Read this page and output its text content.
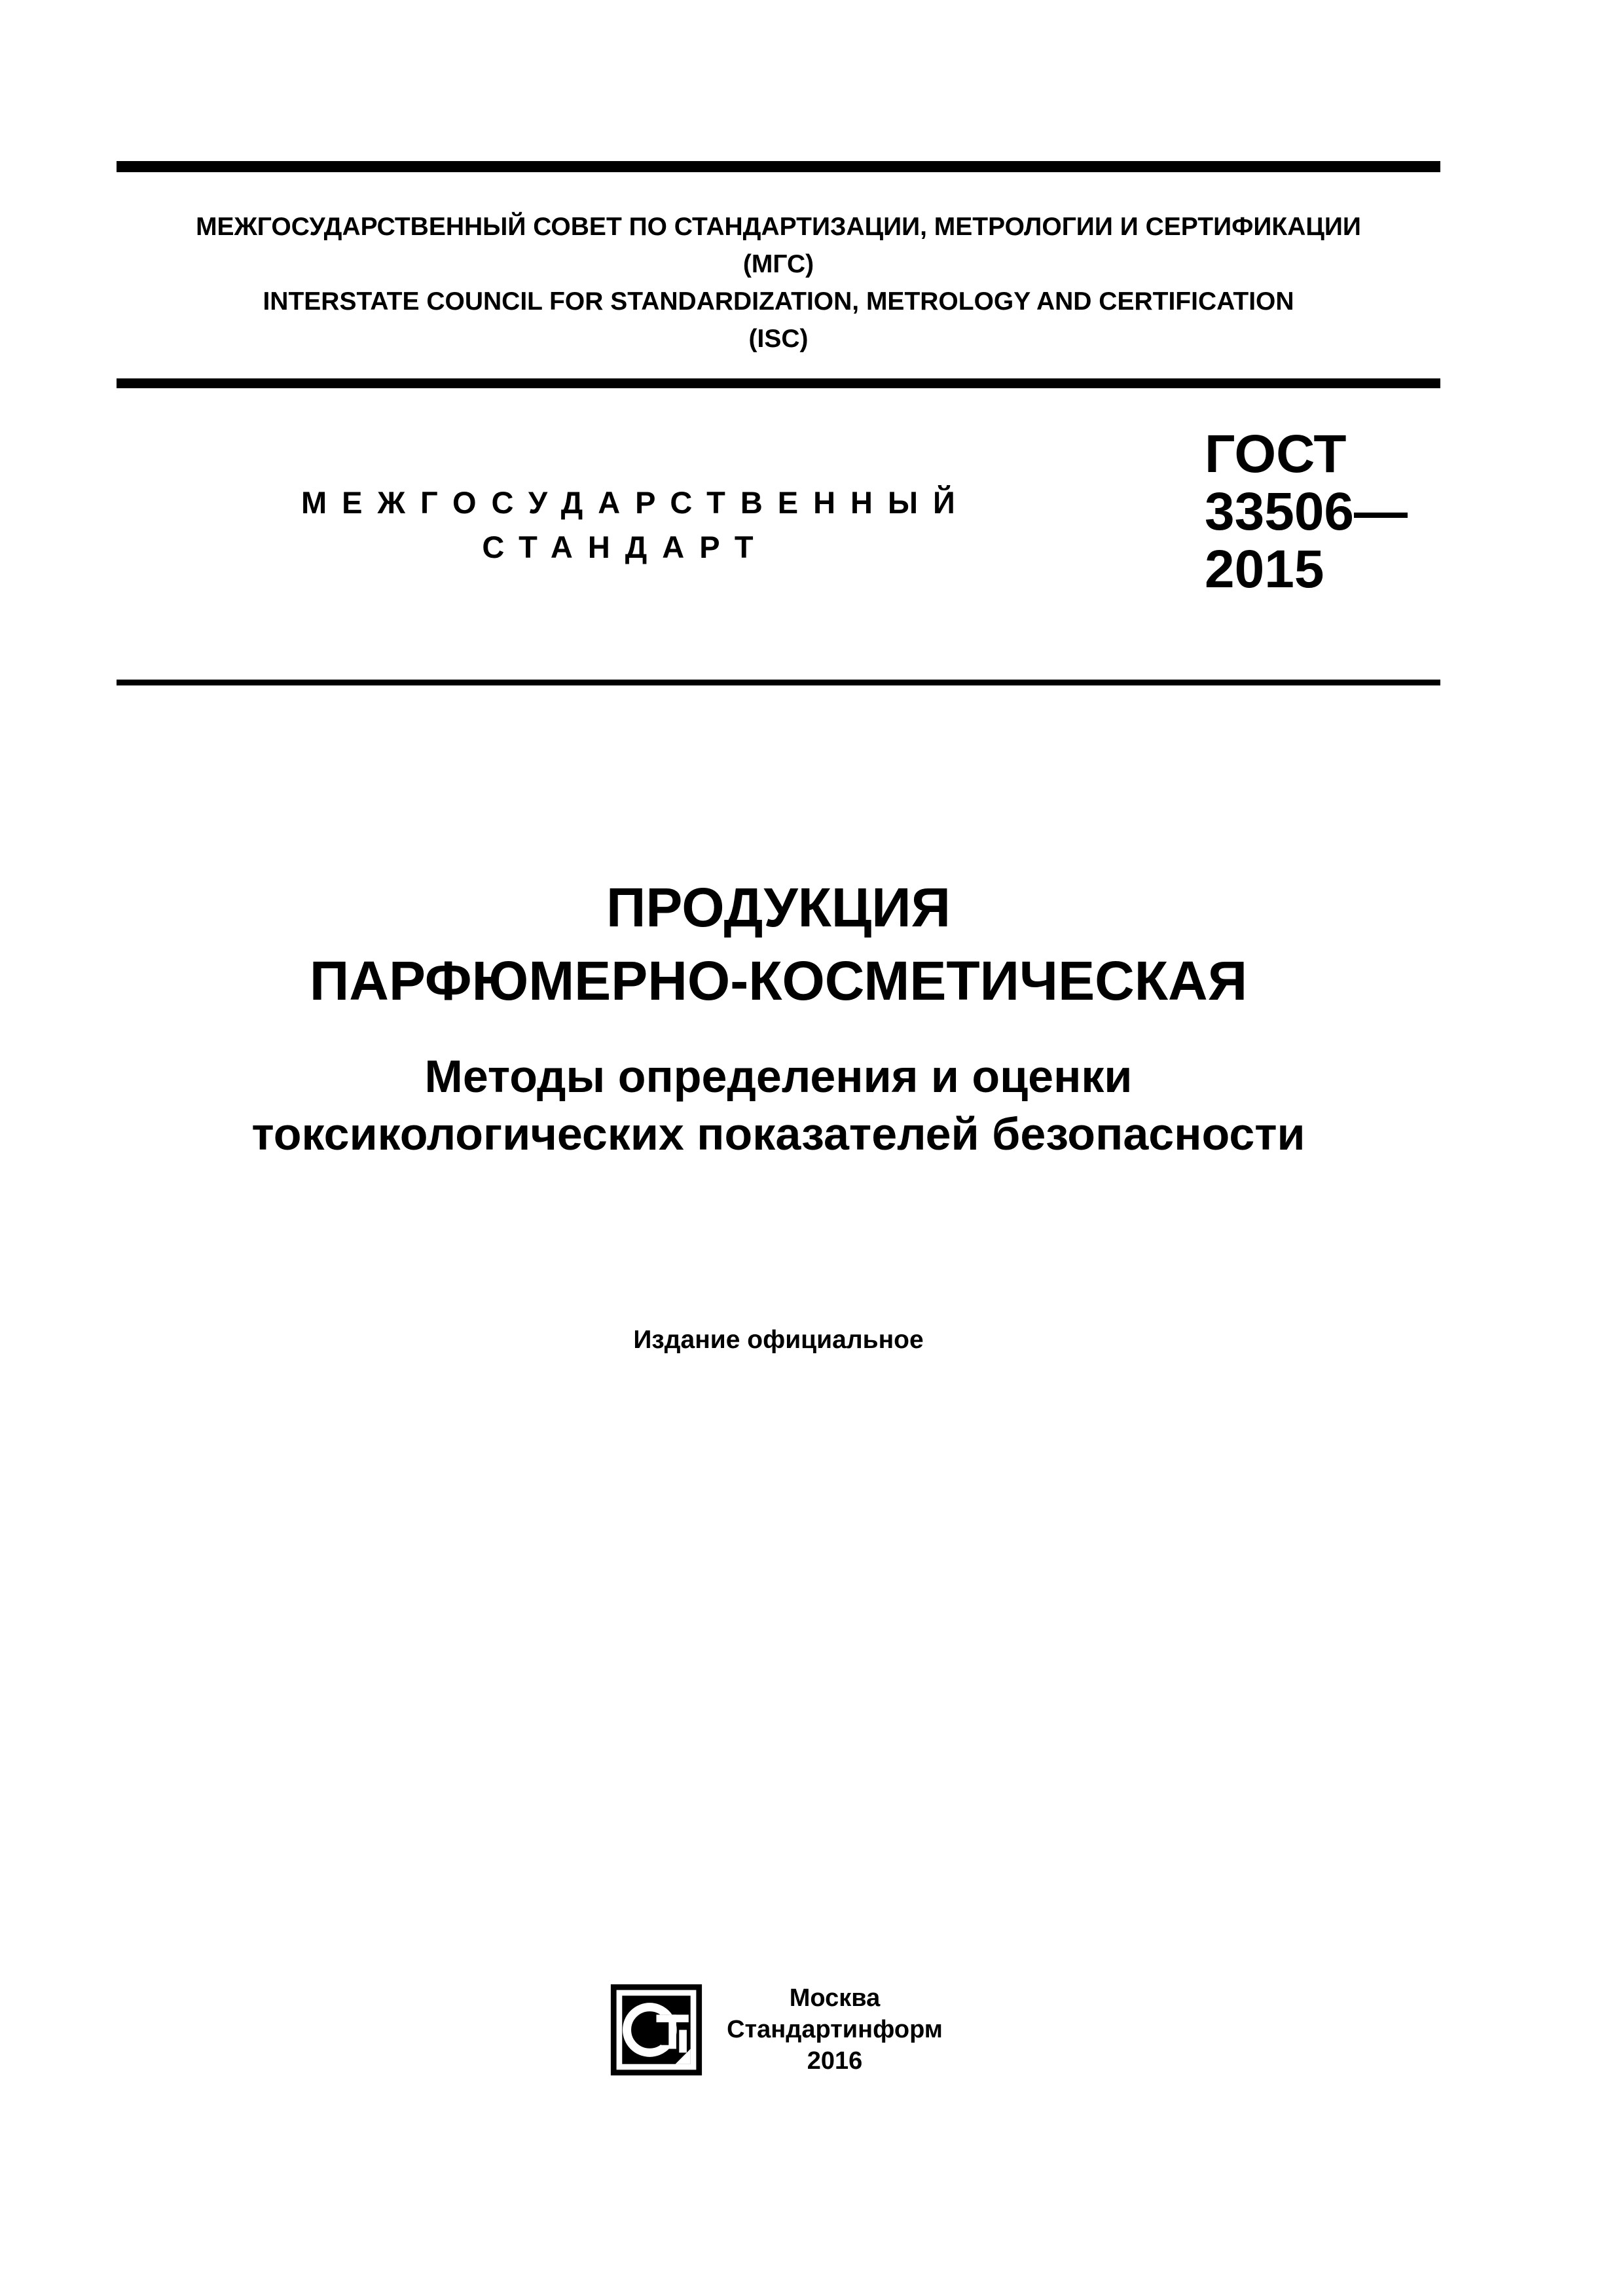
МЕЖГОСУДАРСТВЕННЫЙ СОВЕТ ПО СТАНДАРТИЗАЦИИ, МЕТРОЛОГИИ И СЕРТИФИКАЦИИ
(МГС)
INTERSTATE COUNCIL FOR STANDARDIZATION, METROLOGY AND CERTIFICATION
(ISC)
МЕЖГОСУДАРСТВЕННЫЙ
СТАНДАРТ
ГОСТ
33506—
2015
ПРОДУКЦИЯ
ПАРФЮМЕРНО-КОСМЕТИЧЕСКАЯ
Методы определения и оценки
токсикологических показателей безопасности
Издание официальное
Москва
Стандартинформ
2016
